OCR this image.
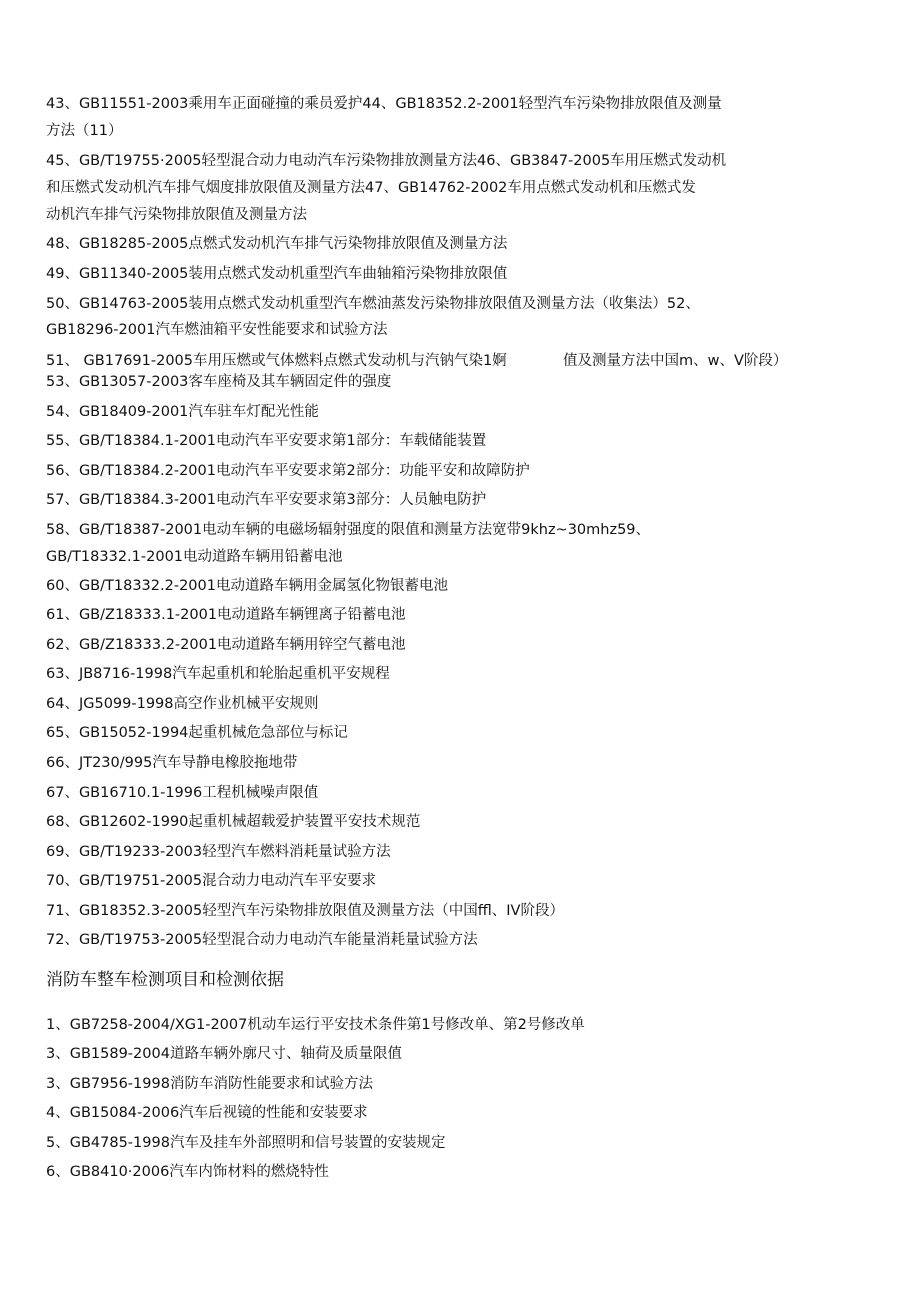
43、GB11551-2003乘用车正面碰撞的乘员爱护44、GB18352.2-2001轻型汽车污染物排放限值及测量
方法（11）
45、GB/T19755·2005轻型混合动力电动汽车污染物排放测量方法46、GB3847-2005车用压燃式发动机
和压燃式发动机汽车排气烟度排放限值及测量方法47、GB14762-2002车用点燃式发动机和压燃式发
动机汽车排气污染物排放限值及测量方法
48、GB18285-2005点燃式发动机汽车排气污染物排放限值及测量方法
49、GB11340-2005装用点燃式发动机重型汽车曲轴箱污染物排放限值
50、GB14763-2005装用点燃式发动机重型汽车燃油蒸发污染物排放限值及测量方法（收集法）52、
GB18296-2001汽车燃油箱平安性能要求和试验方法
51、 GB17691-2005车用压燃或气体燃料点燃式发动机与汽钠气染1婀	值及测量方法中国m、w、V阶段）
53、GB13057-2003客车座椅及其车辆固定件的强度
54、GB18409-2001汽车驻车灯配光性能
55、GB/T18384.1-2001电动汽车平安要求第1部分：车载储能装置
56、GB/T18384.2-2001电动汽车平安要求第2部分：功能平安和故障防护
57、GB/T18384.3-2001电动汽车平安要求第3部分：人员触电防护
58、GB/T18387-2001电动车辆的电磁场辐射强度的限值和测量方法宽带9khz~30mhz59、
GB/T18332.1-2001电动道路车辆用铅蓄电池
60、GB/T18332.2-2001电动道路车辆用金属氢化物银蓄电池
61、GB/Z18333.1-2001电动道路车辆锂离子铅蓄电池
62、GB/Z18333.2-2001电动道路车辆用锌空气蓄电池
63、JB8716-1998汽车起重机和轮胎起重机平安规程
64、JG5099-1998高空作业机械平安规则
65、GB15052-1994起重机械危急部位与标记
66、JT230/995汽车导静电橡胶拖地带
67、GB16710.1-1996工程机械噪声限值
68、GB12602-1990起重机械超载爱护装置平安技术规范
69、GB/T19233-2003轻型汽车燃料消耗量试验方法
70、GB/T19751-2005混合动力电动汽车平安要求
71、GB18352.3-2005轻型汽车污染物排放限值及测量方法（中国ffl、IV阶段）
72、GB/T19753-2005轻型混合动力电动汽车能量消耗量试验方法
消防车整车检测项目和检测依据
1、GB7258-2004/XG1-2007机动车运行平安技术条件第1号修改单、第2号修改单
3、GB1589-2004道路车辆外廓尺寸、轴荷及质量限值
3、GB7956-1998消防车消防性能要求和试验方法
4、GB15084-2006汽车后视镜的性能和安装要求
5、GB4785-1998汽车及挂车外部照明和信号装置的安装规定
6、GB8410·2006汽车内饰材料的燃烧特性
